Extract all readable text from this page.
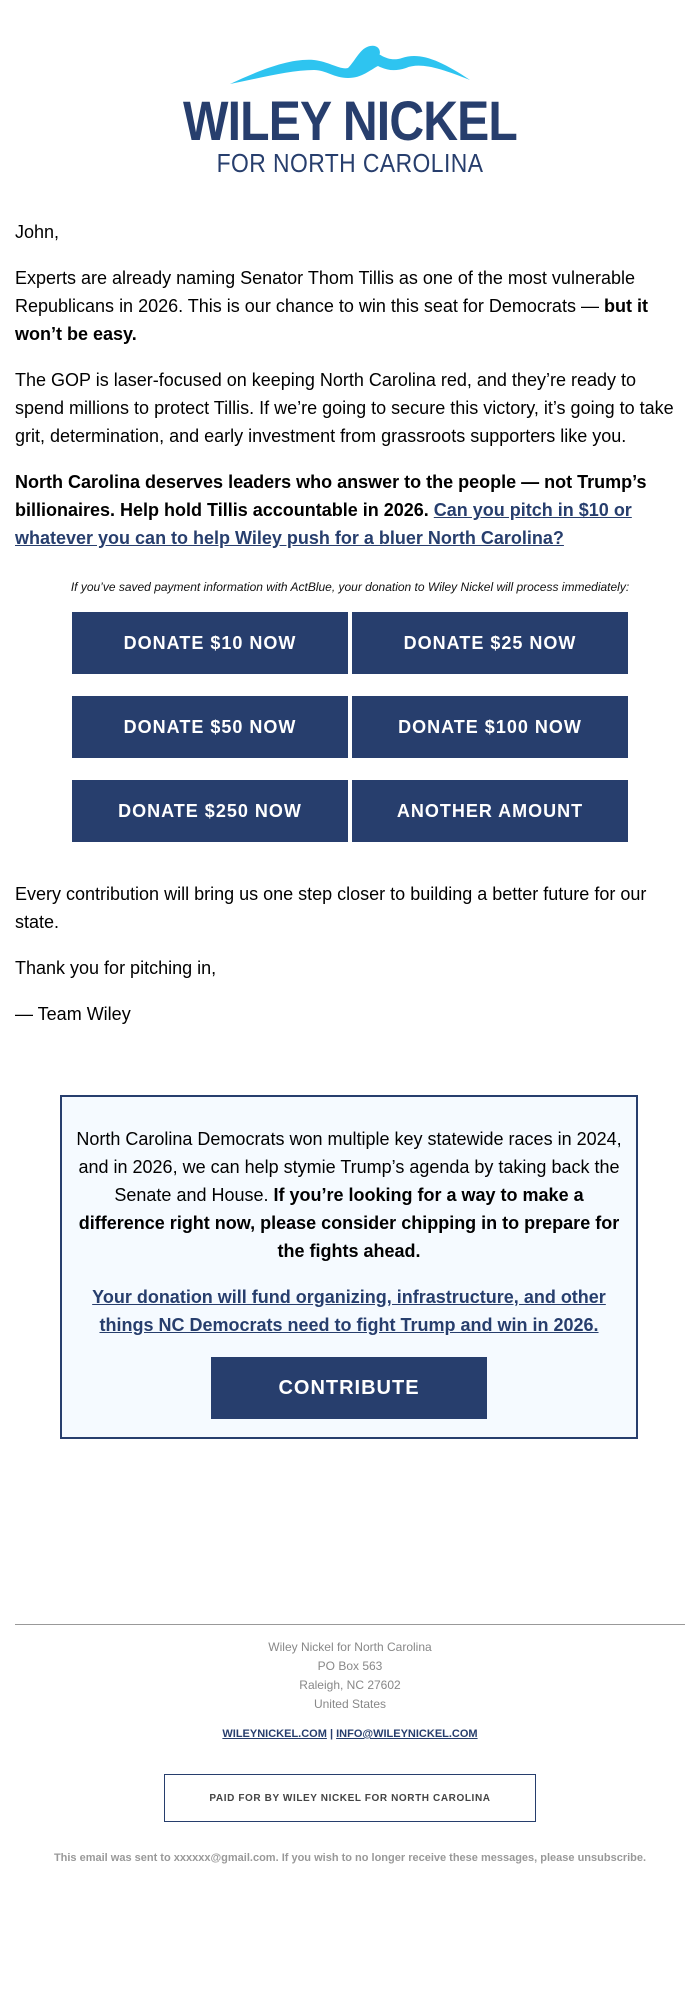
WILEY NICKEL
FOR NORTH CAROLINA

John,

Experts are already naming Senator Thom Tillis as one of the most vulnerable Republicans in 2026. This is our chance to win this seat for Democrats — but it won’t be easy.

The GOP is laser-focused on keeping North Carolina red, and they’re ready to spend millions to protect Tillis. If we’re going to secure this victory, it’s going to take grit, determination, and early investment from grassroots supporters like you.

North Carolina deserves leaders who answer to the people — not Trump’s billionaires. Help hold Tillis accountable in 2026. Can you pitch in $10 or whatever you can to help Wiley push for a bluer North Carolina?

If you’ve saved payment information with ActBlue, your donation to Wiley Nickel will process immediately:
DONATE $10 NOW	DONATE $25 NOW
DONATE $50 NOW	DONATE $100 NOW
DONATE $250 NOW	ANOTHER AMOUNT

Every contribution will bring us one step closer to building a better future for our state.

Thank you for pitching in,

— Team Wiley

North Carolina Democrats won multiple key statewide races in 2024, and in 2026, we can help stymie Trump’s agenda by taking back the Senate and House. If you’re looking for a way to make a difference right now, please consider chipping in to prepare for the fights ahead.

Your donation will fund organizing, infrastructure, and other things NC Democrats need to fight Trump and win in 2026.

CONTRIBUTE
Wiley Nickel for North Carolina
PO Box 563
Raleigh, NC 27602
United States
WILEYNICKEL.COM | INFO@WILEYNICKEL.COM
PAID FOR BY WILEY NICKEL FOR NORTH CAROLINA
This email was sent to xxxxxx@gmail.com. If you wish to no longer receive these messages, please unsubscribe.
